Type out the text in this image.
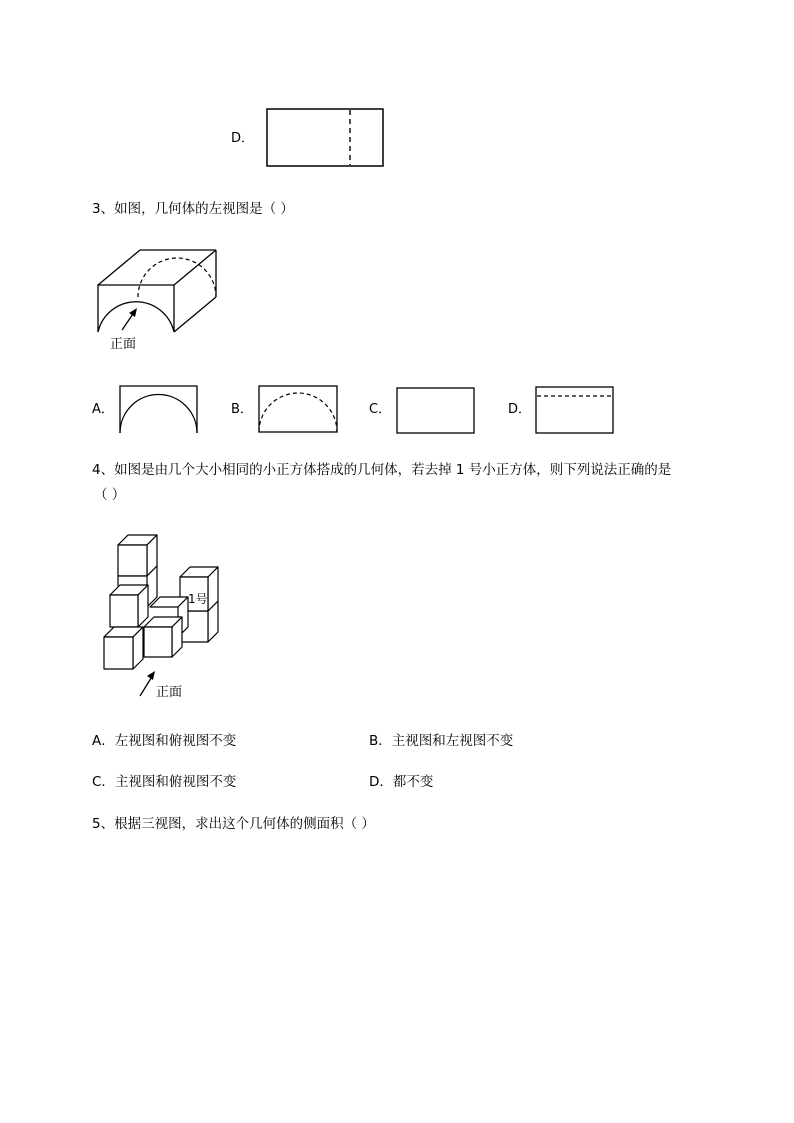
D．
3、如图，几何体的左视图是（ ）
正面
A．	B．	C．	D．
4、如图是由几个大小相同的小正方体搭成的几何体，若去掉 1 号小正方体，则下列说法正确的是
（ ）
1号
正面
A．左视图和俯视图不变	B．主视图和左视图不变
C．主视图和俯视图不变	D．都不变
5、根据三视图，求出这个几何体的侧面积（ ）
